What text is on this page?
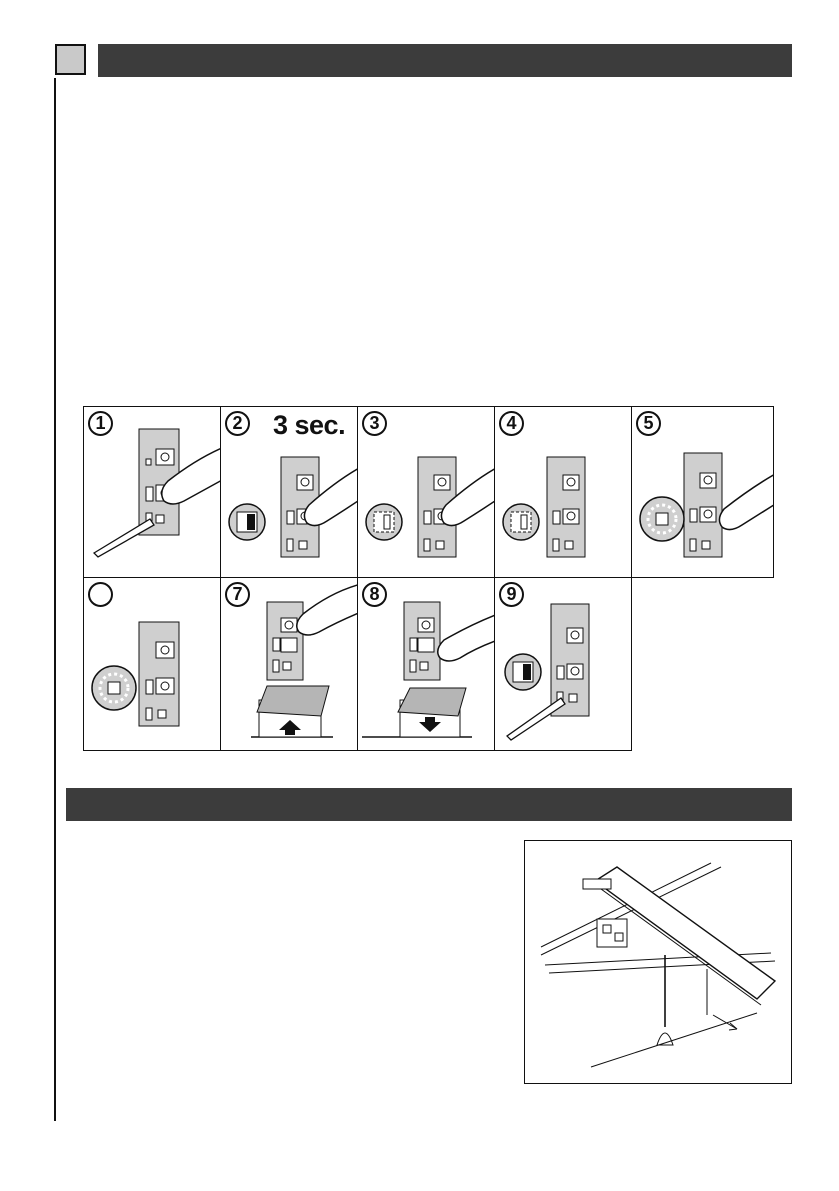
1	2 3 sec.	3	4	5
7	8	9
